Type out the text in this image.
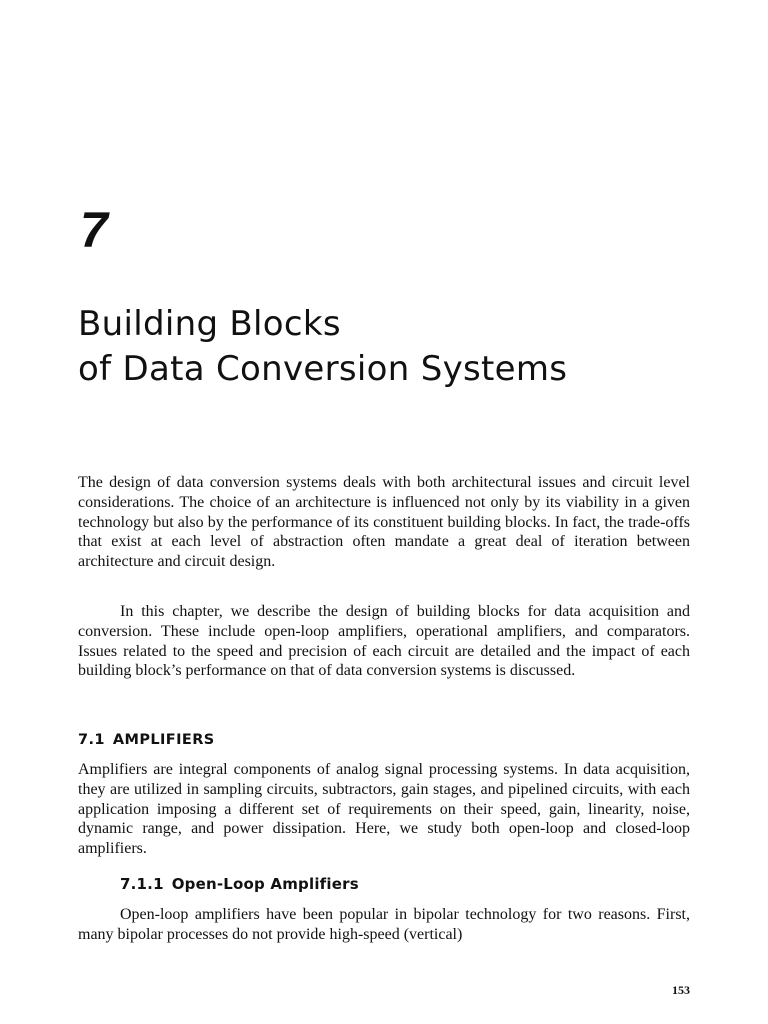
7
Building Blocks
of Data Conversion Systems

The design of data conversion systems deals with both architectural issues and circuit level considerations. The choice of an architecture is influenced not only by its viability in a given technology but also by the performance of its constituent building blocks. In fact, the trade-offs that exist at each level of abstraction often mandate a great deal of iteration between architecture and circuit design.

In this chapter, we describe the design of building blocks for data acquisition and conversion. These include open-loop amplifiers, operational amplifiers, and comparators. Issues related to the speed and precision of each circuit are detailed and the impact of each building block’s performance on that of data conversion systems is discussed.

7.1 AMPLIFIERS

Amplifiers are integral components of analog signal processing systems. In data acquisition, they are utilized in sampling circuits, subtractors, gain stages, and pipelined circuits, with each application imposing a different set of requirements on their speed, gain, linearity, noise, dynamic range, and power dissipation. Here, we study both open-loop and closed-loop amplifiers.

7.1.1 Open-Loop Amplifiers

Open-loop amplifiers have been popular in bipolar technology for two reasons. First, many bipolar processes do not provide high-speed (vertical)

153
